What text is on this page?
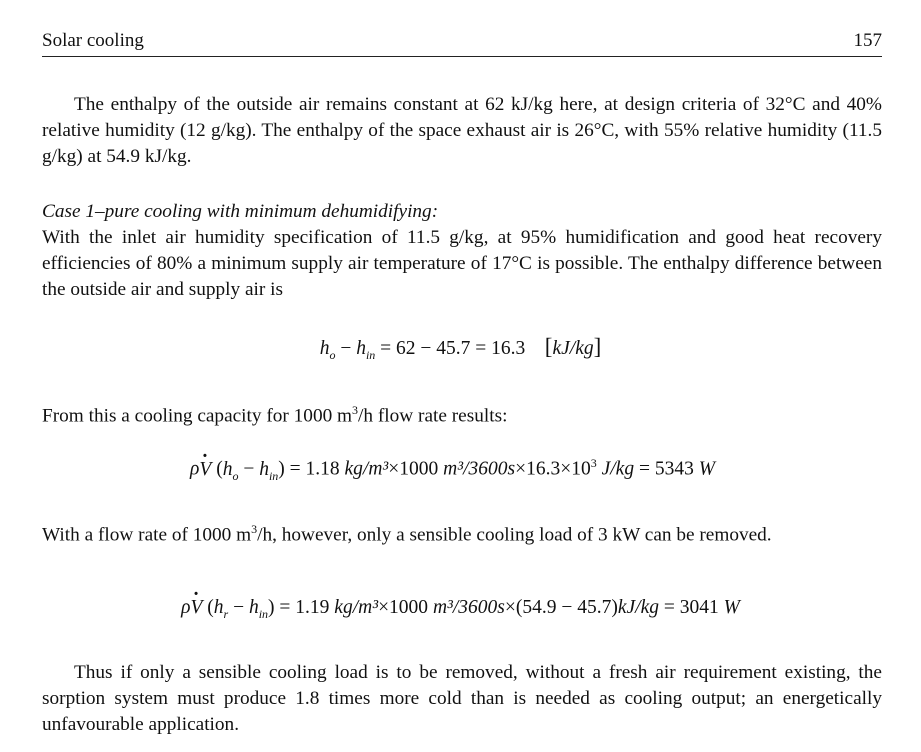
Solar cooling	157
The enthalpy of the outside air remains constant at 62 kJ/kg here, at design criteria of 32°C and 40% relative humidity (12 g/kg). The enthalpy of the space exhaust air is 26°C, with 55% relative humidity (11.5 g/kg) at 54.9 kJ/kg.
Case 1–pure cooling with minimum dehumidifying:
With the inlet air humidity specification of 11.5 g/kg, at 95% humidification and good heat recovery efficiencies of 80% a minimum supply air temperature of 17°C is possible. The enthalpy difference between the outside air and supply air is
$h_o - h_{in} = 62 - 45.7 = 16.3$ [kJ/kg]
From this a cooling capacity for 1000 $m^3/h$ flow rate results:
ρ· V $(h_o - h_{in}) = 1.18$ kg/m³×1000 $m^3/3600s\times 16.3\times 10^3$ J/kg = 5343 W
With a flow rate of 1000 $m^3/h$, however, only a sensible cooling load of 3 kW can be removed.
ρ· V $(h_r - h_{in}) = 1.19$ kg/m³×1000 m³/3600s×(54.9 − 45.7)kJ/kg = 3041 W
Thus if only a sensible cooling load is to be removed, without a fresh air requirement existing, the sorption system must produce 1.8 times more cold than is needed as cooling output; an energetically unfavourable application.
